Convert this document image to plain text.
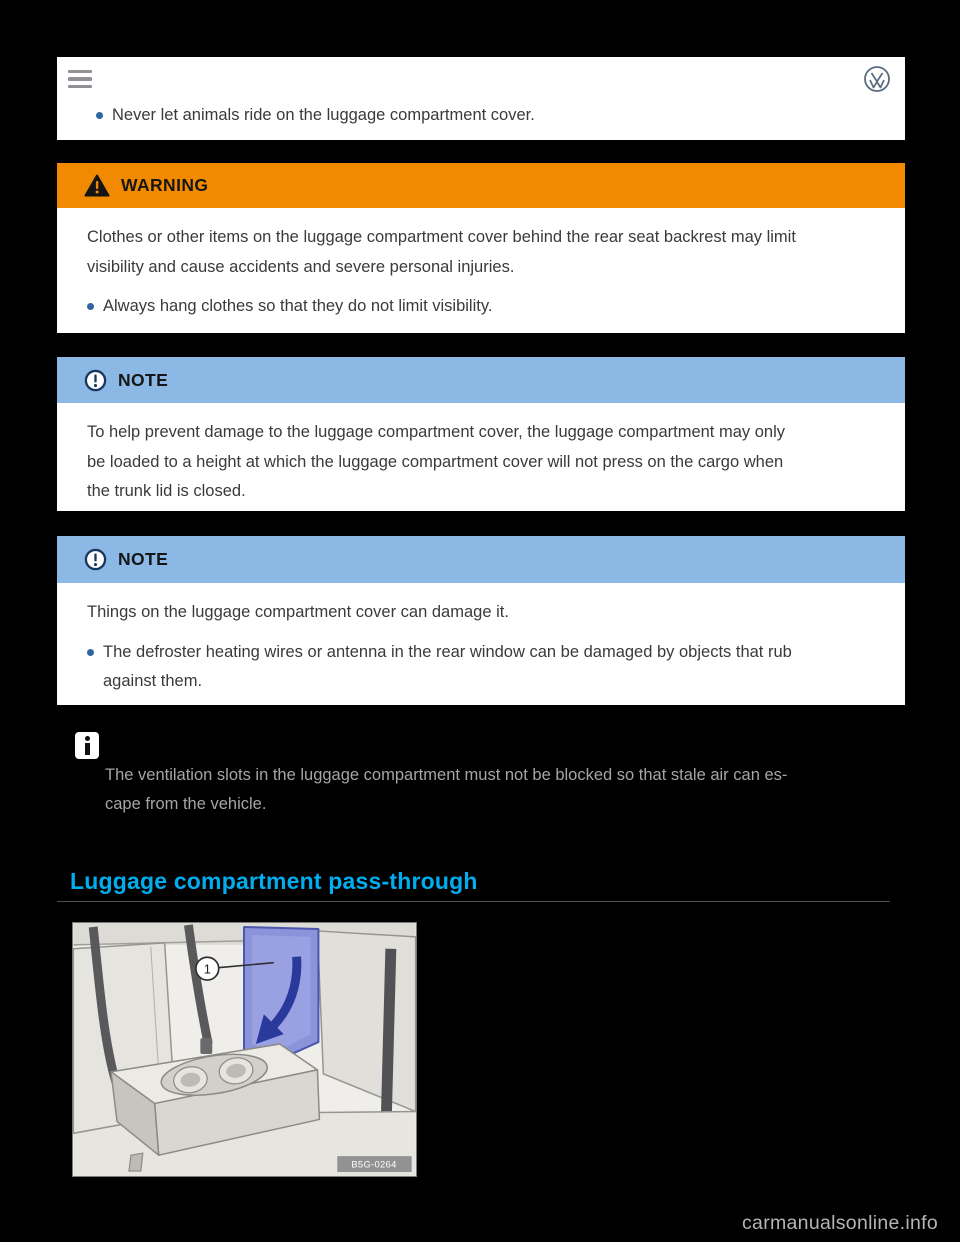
Never let animals ride on the luggage compartment cover.
WARNING
Clothes or other items on the luggage compartment cover behind the rear seat backrest may limit
visibility and cause accidents and severe personal injuries.
Always hang clothes so that they do not limit visibility.
NOTE
To help prevent damage to the luggage compartment cover, the luggage compartment may only
be loaded to a height at which the luggage compartment cover will not press on the cargo when
the trunk lid is closed.
NOTE
Things on the luggage compartment cover can damage it.
The defroster heating wires or antenna in the rear window can be damaged by objects that rub
against them.
The ventilation slots in the luggage compartment must not be blocked so that stale air can es-
cape from the vehicle.
Luggage compartment pass-through
1
B5G-0264
carmanualsonline.info
